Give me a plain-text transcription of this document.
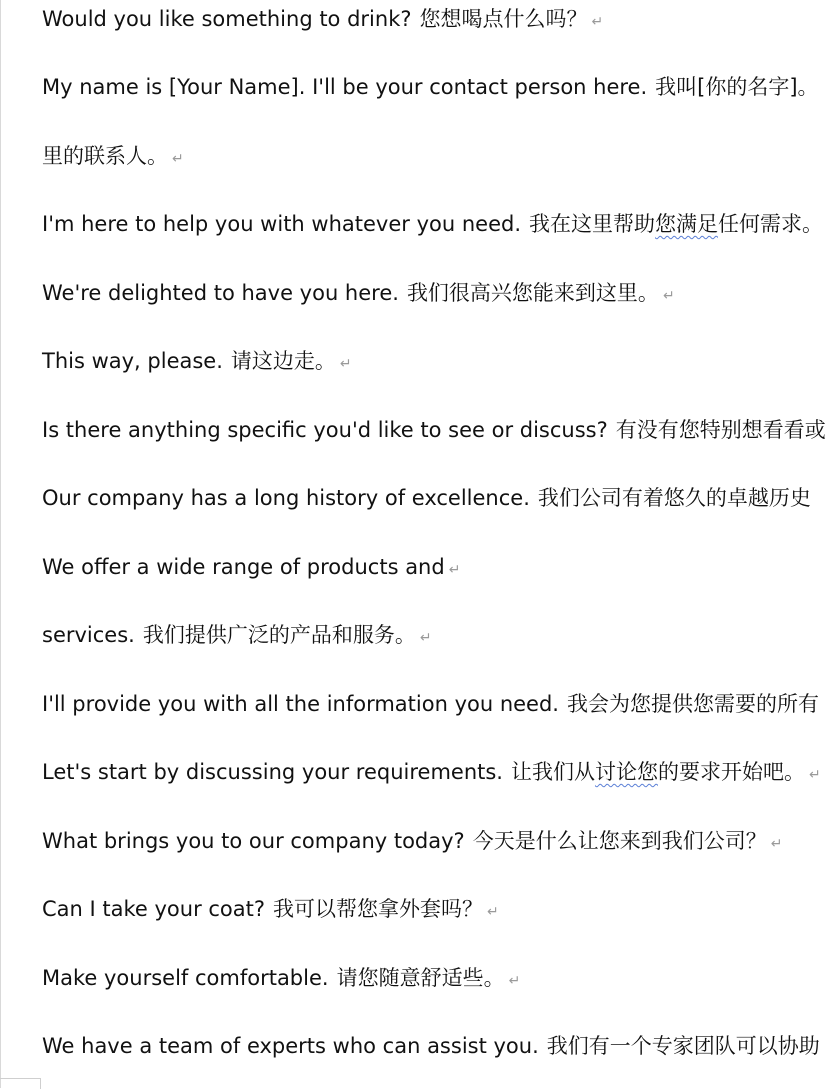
Would you like something to drink? 您想喝点什么吗？ ↵
My name is [Your Name]. I'll be your contact person here. 我叫[你的名字]。
里的联系人。 ↵
I'm here to help you with whatever you need. 我在这里帮助您满足任何需求。
We're delighted to have you here. 我们很高兴您能来到这里。 ↵
This way, please. 请这边走。 ↵
Is there anything specific you'd like to see or discuss? 有没有您特别想看看或
Our company has a long history of excellence. 我们公司有着悠久的卓越历史
We offer a wide range of products and ↵
services. 我们提供广泛的产品和服务。 ↵
I'll provide you with all the information you need. 我会为您提供您需要的所有
Let's start by discussing your requirements. 让我们从讨论您的要求开始吧。 ↵
What brings you to our company today? 今天是什么让您来到我们公司？ ↵
Can I take your coat? 我可以帮您拿外套吗？ ↵
Make yourself comfortable. 请您随意舒适些。 ↵
We have a team of experts who can assist you. 我们有一个专家团队可以协助
